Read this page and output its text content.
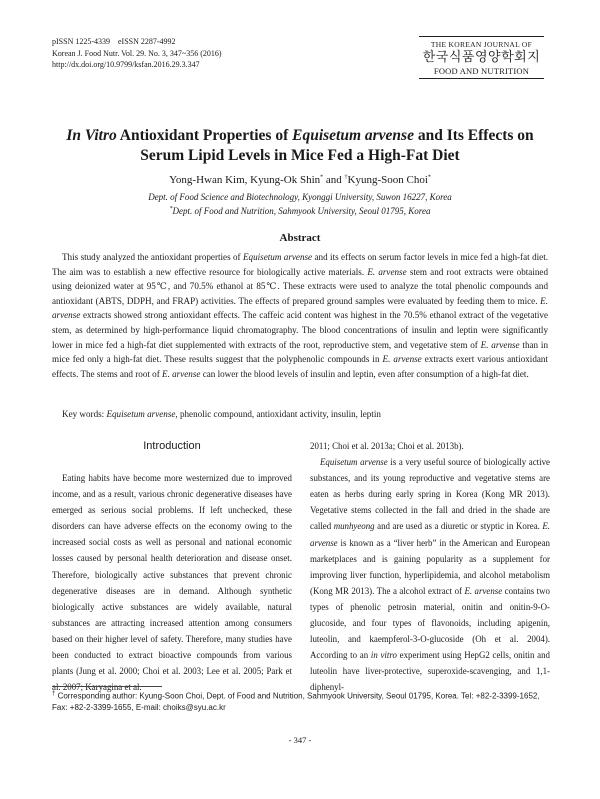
pISSN 1225-4339    eISSN 2287-4992
Korean J. Food Nutr. Vol. 29. No. 3, 347~356 (2016)
http://dx.doi.org/10.9799/ksfan.2016.29.3.347
THE KOREAN JOURNAL OF
한국식품영양학회지
FOOD AND NUTRITION
In Vitro Antioxidant Properties of Equisetum arvense and Its Effects on
Serum Lipid Levels in Mice Fed a High-Fat Diet
Yong-Hwan Kim, Kyung-Ok Shin* and †Kyung-Soon Choi*
Dept. of Food Science and Biotechnology, Kyonggi University, Suwon 16227, Korea
*Dept. of Food and Nutrition, Sahmyook University, Seoul 01795, Korea
Abstract
This study analyzed the antioxidant properties of Equisetum arvense and its effects on serum factor levels in mice fed a high-fat diet. The aim was to establish a new effective resource for biologically active materials. E. arvense stem and root extracts were obtained using deionized water at 95℃, and 70.5% ethanol at 85℃. These extracts were used to analyze the total phenolic compounds and antioxidant (ABTS, DDPH, and FRAP) activities. The effects of prepared ground samples were evaluated by feeding them to mice. E. arvense extracts showed strong antioxidant effects. The caffeic acid content was highest in the 70.5% ethanol extract of the vegetative stem, as determined by high-performance liquid chromatography. The blood concentrations of insulin and leptin were significantly lower in mice fed a high-fat diet supplemented with extracts of the root, reproductive stem, and vegetative stem of E. arvense than in mice fed only a high-fat diet. These results suggest that the polyphenolic compounds in E. arvense extracts exert various antioxidant effects. The stems and root of E. arvense can lower the blood levels of insulin and leptin, even after consumption of a high-fat diet.
Key words: Equisetum arvense, phenolic compound, antioxidant activity, insulin, leptin
Introduction
Eating habits have become more westernized due to improved income, and as a result, various chronic degenerative diseases have emerged as serious social problems. If left unchecked, these disorders can have adverse effects on the economy owing to the increased social costs as well as personal and national economic losses caused by personal health deterioration and disease onset. Therefore, biologically active substances that prevent chronic degenerative diseases are in demand. Although synthetic biologically active substances are widely available, natural substances are attracting increased attention among consumers based on their higher level of safety. Therefore, many studies have been conducted to extract bioactive compounds from various plants (Jung et al. 2000; Choi et al. 2003; Lee et al. 2005; Park et al. 2007; Karyagina et al.
2011; Choi et al. 2013a; Choi et al. 2013b).
Equisetum arvense is a very useful source of biologically active substances, and its young reproductive and vegetative stems are eaten as herbs during early spring in Korea (Kong MR 2013). Vegetative stems collected in the fall and dried in the shade are called munhyeong and are used as a diuretic or styptic in Korea. E. arvense is known as a “liver herb” in the American and European marketplaces and is gaining popularity as a supplement for improving liver function, hyperlipidemia, and alcohol metabolism (Kong MR 2013). The a alcohol extract of E. arvense contains two types of phenolic petrosin material, onitin and onitin-9-O-glucoside, and four types of flavonoids, including apigenin, luteolin, and kaempferol-3-O-glucoside (Oh et al. 2004). According to an in vitro experiment using HepG2 cells, onitin and luteolin have liver-protective, superoxide-scavenging, and 1,1-diphenyl-
† Corresponding author: Kyung-Soon Choi, Dept. of Food and Nutrition, Sahmyook University, Seoul 01795, Korea. Tel: +82-2-3399-1652, Fax: +82-2-3399-1655, E-mail: choiks@syu.ac.kr
- 347 -
